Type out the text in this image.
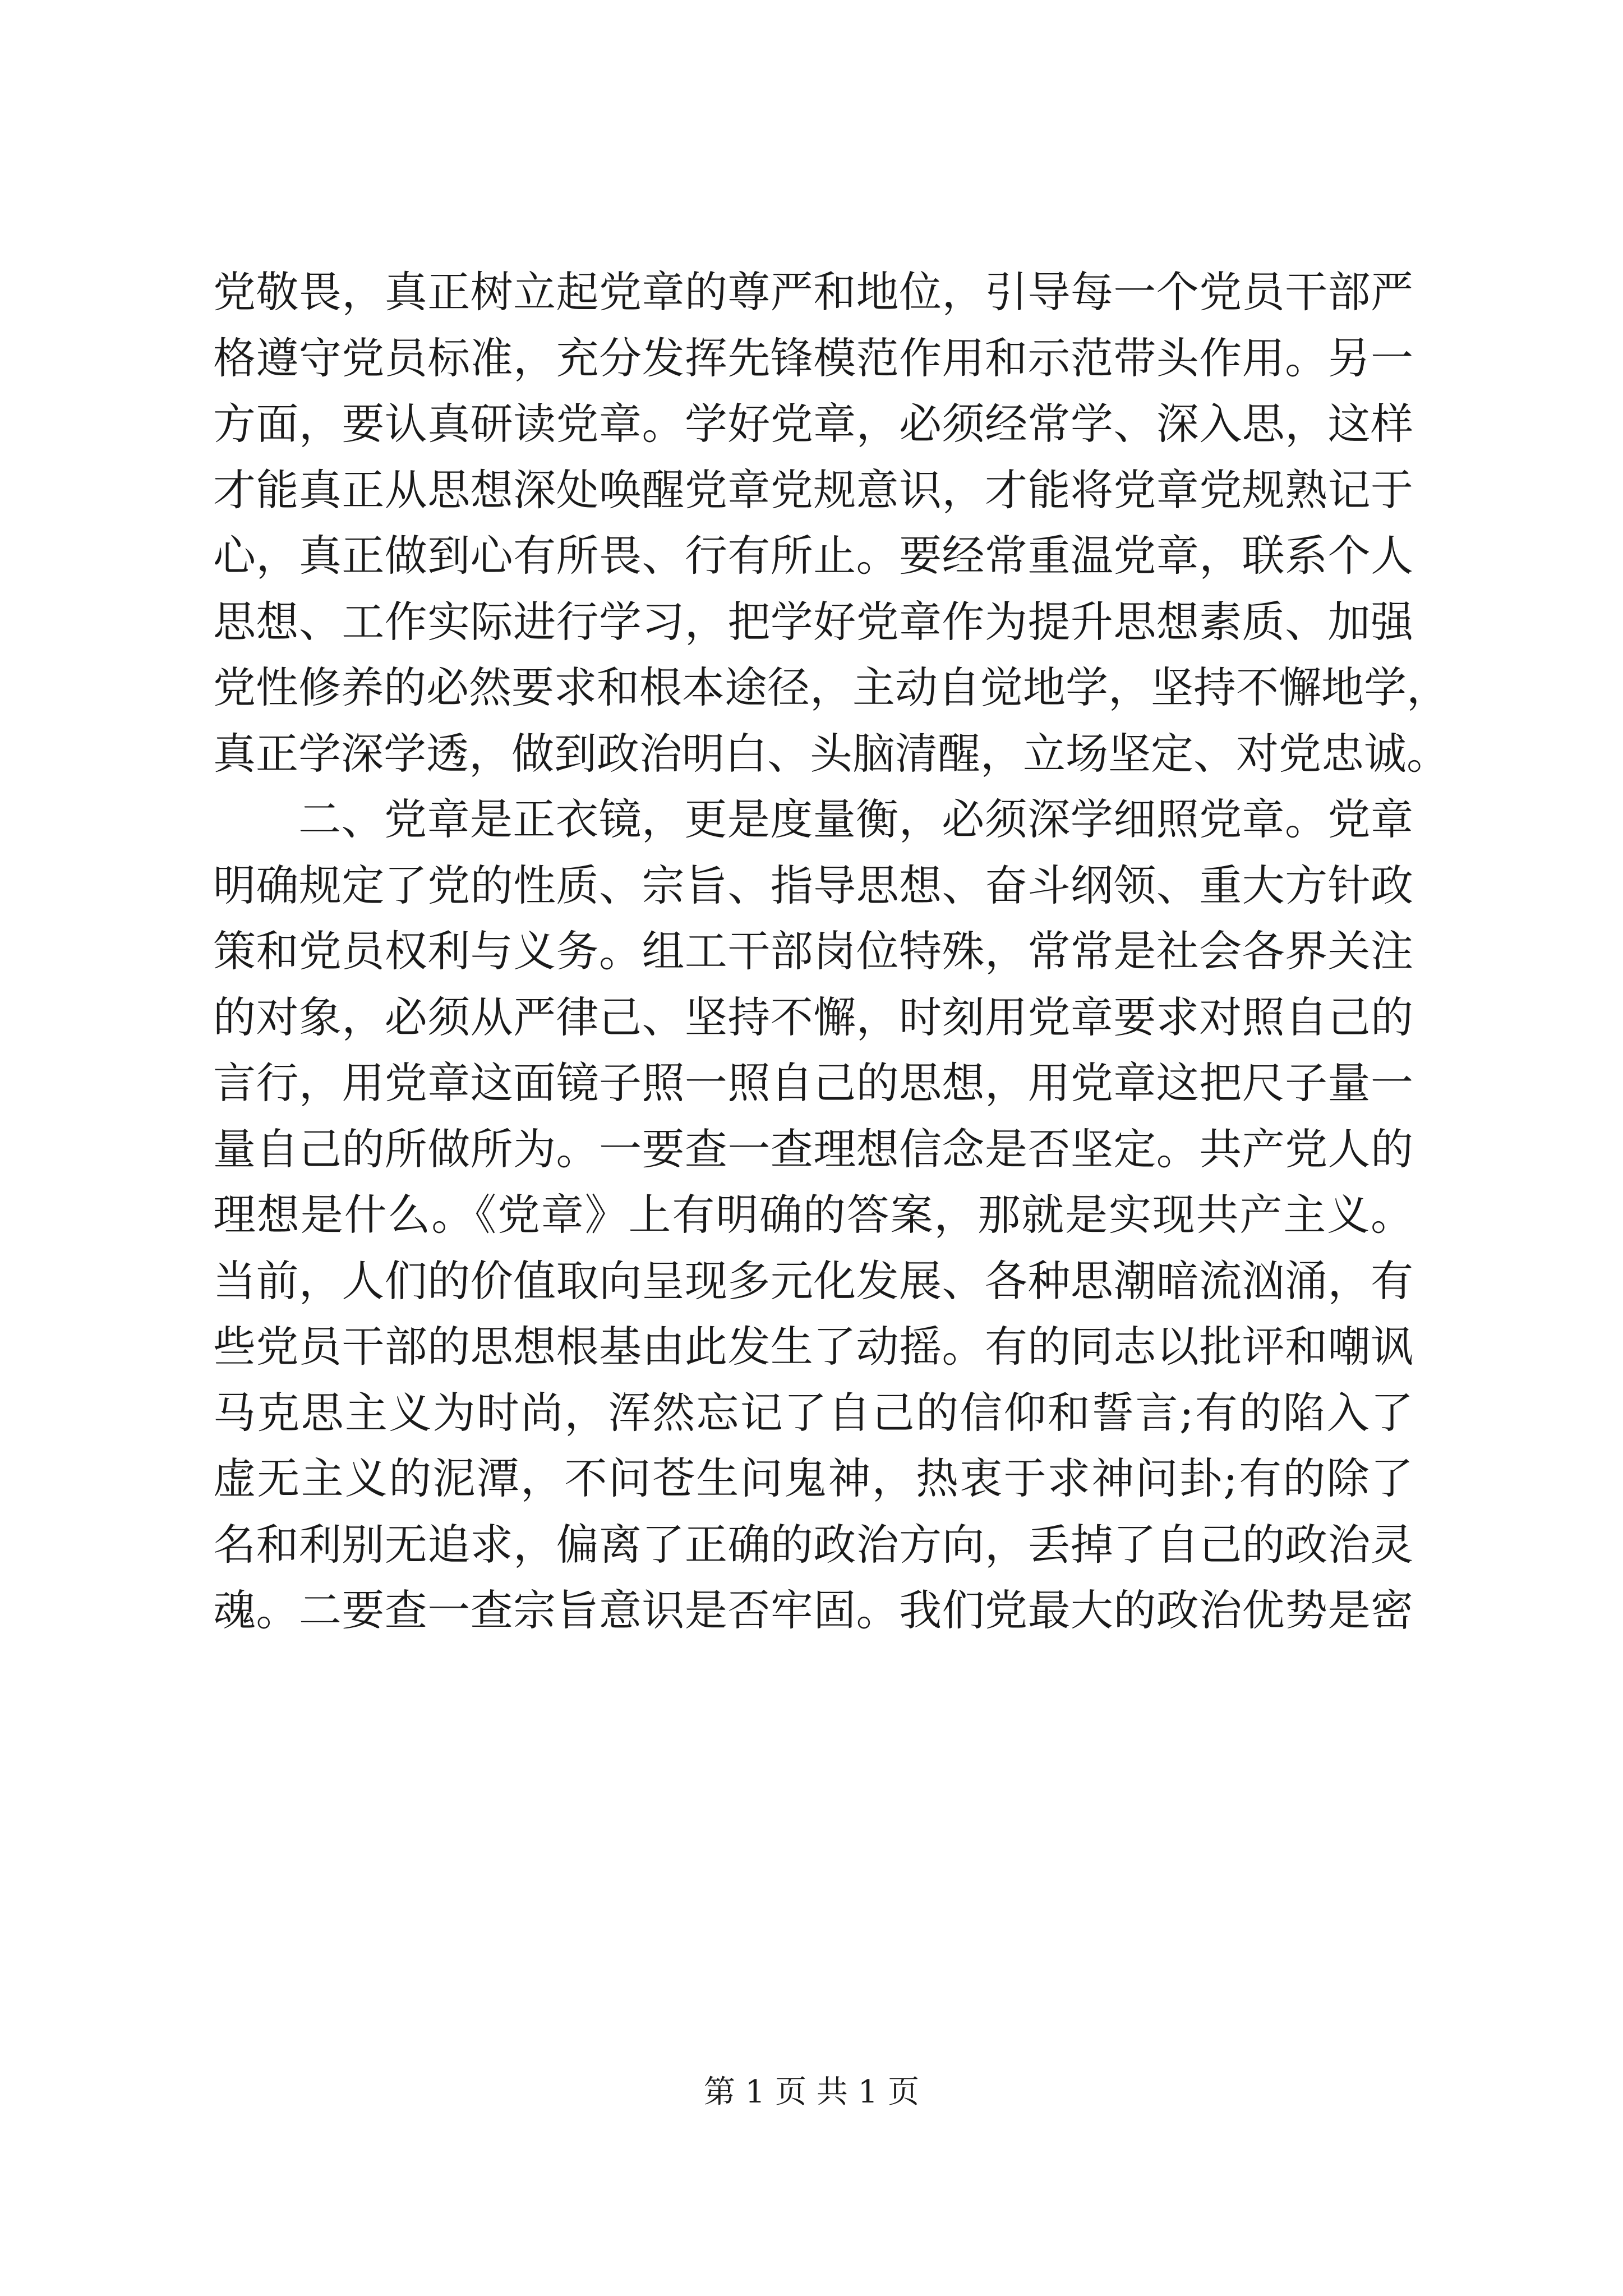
党敬畏，真正树立起党章的尊严和地位，引导每一个党员干部严
格遵守党员标准，充分发挥先锋模范作用和示范带头作用。另一
方面，要认真研读党章。学好党章，必须经常学、深入思，这样
才能真正从思想深处唤醒党章党规意识，才能将党章党规熟记于
心，真正做到心有所畏、行有所止。要经常重温党章，联系个人
思想、工作实际进行学习，把学好党章作为提升思想素质、加强
党性修养的必然要求和根本途径，主动自觉地学，坚持不懈地学，
真正学深学透，做到政治明白、头脑清醒，立场坚定、对党忠诚。
二、党章是正衣镜，更是度量衡，必须深学细照党章。党章
明确规定了党的性质、宗旨、指导思想、奋斗纲领、重大方针政
策和党员权利与义务。组工干部岗位特殊，常常是社会各界关注
的对象，必须从严律己、坚持不懈，时刻用党章要求对照自己的
言行，用党章这面镜子照一照自己的思想，用党章这把尺子量一
量自己的所做所为。一要查一查理想信念是否坚定。共产党人的
理想是什么。《党章》上有明确的答案，那就是实现共产主义。
当前，人们的价值取向呈现多元化发展、各种思潮暗流汹涌，有
些党员干部的思想根基由此发生了动摇。有的同志以批评和嘲讽
马克思主义为时尚，浑然忘记了自己的信仰和誓言;有的陷入了
虚无主义的泥潭，不问苍生问鬼神，热衷于求神问卦;有的除了
名和利别无追求，偏离了正确的政治方向，丢掉了自己的政治灵
魂。二要查一查宗旨意识是否牢固。我们党最大的政治优势是密
第 1 页 共 1 页
